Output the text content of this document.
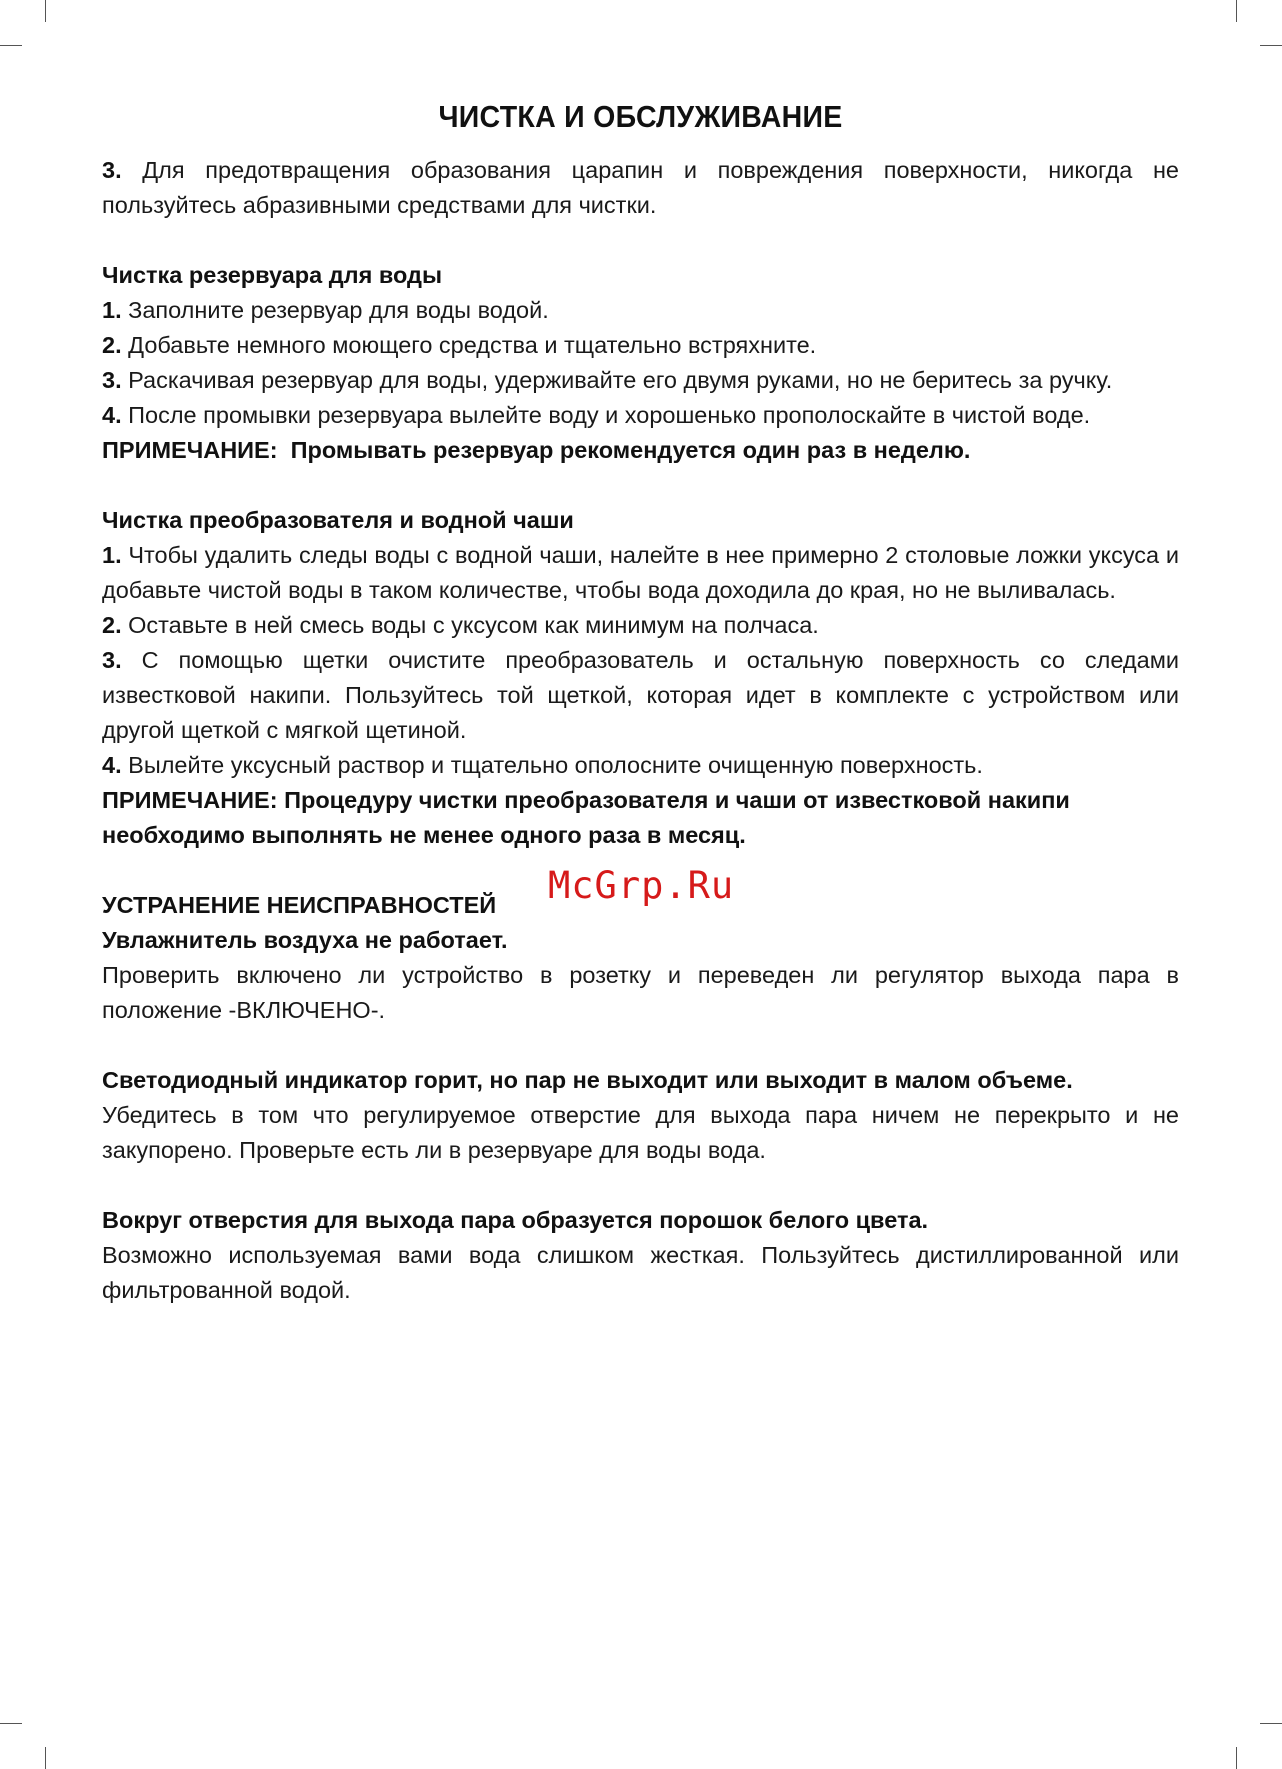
ЧИСТКА И ОБСЛУЖИВАНИЕ

3. Для предотвращения образования царапин и повреждения поверхности, никогда не пользуйтесь абразивными средствами для чистки.

Чистка резервуара для воды

1. Заполните резервуар для воды водой.

2. Добавьте немного моющего средства и тщательно встряхните.

3. Раскачивая резервуар для воды, удерживайте его двумя руками, но не беритесь за ручку.

4. После промывки резервуара вылейте воду и хорошенько прополоскайте в чистой воде.

ПРИМЕЧАНИЕ:  Промывать резервуар рекомендуется один раз в неделю.

Чистка преобразователя и водной чаши

1. Чтобы удалить следы воды с водной чаши, налейте в нее примерно 2 столовые ложки уксуса и добавьте чистой воды в таком количестве, чтобы вода доходила до края, но не выливалась.

2. Оставьте в ней смесь воды с уксусом как минимум на полчаса.

3. С помощью щетки очистите преобразователь и остальную поверхность со следами известковой накипи. Пользуйтесь той щеткой, которая идет в комплекте с устройством или другой щеткой с мягкой щетиной.

4. Вылейте уксусный раствор и тщательно ополосните очищенную поверхность.

ПРИМЕЧАНИЕ: Процедуру чистки преобразователя и чаши от известковой накипи необходимо выполнять не менее одного раза в месяц.

УСТРАНЕНИЕ НЕИСПРАВНОСТЕЙ

Увлажнитель воздуха не работает.

Проверить включено ли устройство в розетку и переведен ли регулятор выхода пара в положение -ВКЛЮЧЕНО-.

Светодиодный индикатор горит, но пар не выходит или выходит в малом объеме.

Убедитесь в том что регулируемое отверстие для выхода пара ничем не перекрыто и не закупорено. Проверьте есть ли в резервуаре для воды вода.

Вокруг отверстия для выхода пара образуется порошок белого цвета.

Возможно используемая вами вода слишком жесткая. Пользуйтесь дистиллированной или фильтрованной водой.

McGrp.Ru
